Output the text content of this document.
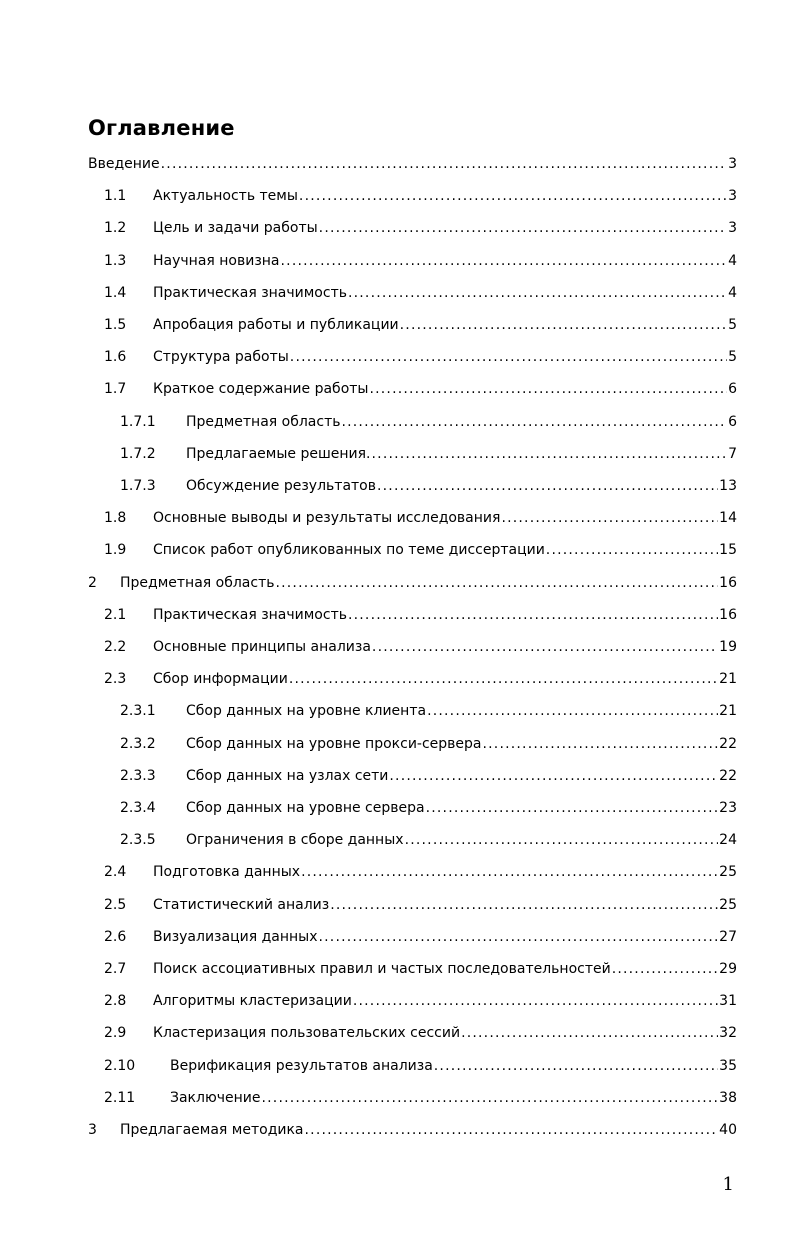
Оглавление
Введение .....	3
1.1 Актуальность темы .....	3
1.2 Цель и задачи работы .....	3
1.3 Научная новизна .....	4
1.4 Практическая значимость .....	4
1.5 Апробация работы и публикации .....	5
1.6 Структура работы .....	5
1.7 Краткое содержание работы .....	6
1.7.1 Предметная область .....	6
1.7.2 Предлагаемые решения. .....	7
1.7.3 Обсуждение результатов .....	13
1.8 Основные выводы и результаты исследования .....	14
1.9 Список работ опубликованных по теме диссертации .....	15
2 Предметная область .....	16
2.1 Практическая значимость .....	16
2.2 Основные принципы анализа .....	19
2.3 Сбор информации .....	21
2.3.1 Сбор данных на уровне клиента .....	21
2.3.2 Сбор данных на уровне прокси-сервера .....	22
2.3.3 Сбор данных на узлах сети .....	22
2.3.4 Сбор данных на уровне сервера .....	23
2.3.5 Ограничения в сборе данных .....	24
2.4 Подготовка данных .....	25
2.5 Статистический анализ .....	25
2.6 Визуализация данных .....	27
2.7 Поиск ассоциативных правил и частых последовательностей .....	29
2.8 Алгоритмы кластеризации .....	31
2.9 Кластеризация пользовательских сессий .....	32
2.10 Верификация результатов анализа .....	35
2.11 Заключение .....	38
3 Предлагаемая методика .....	40
1
